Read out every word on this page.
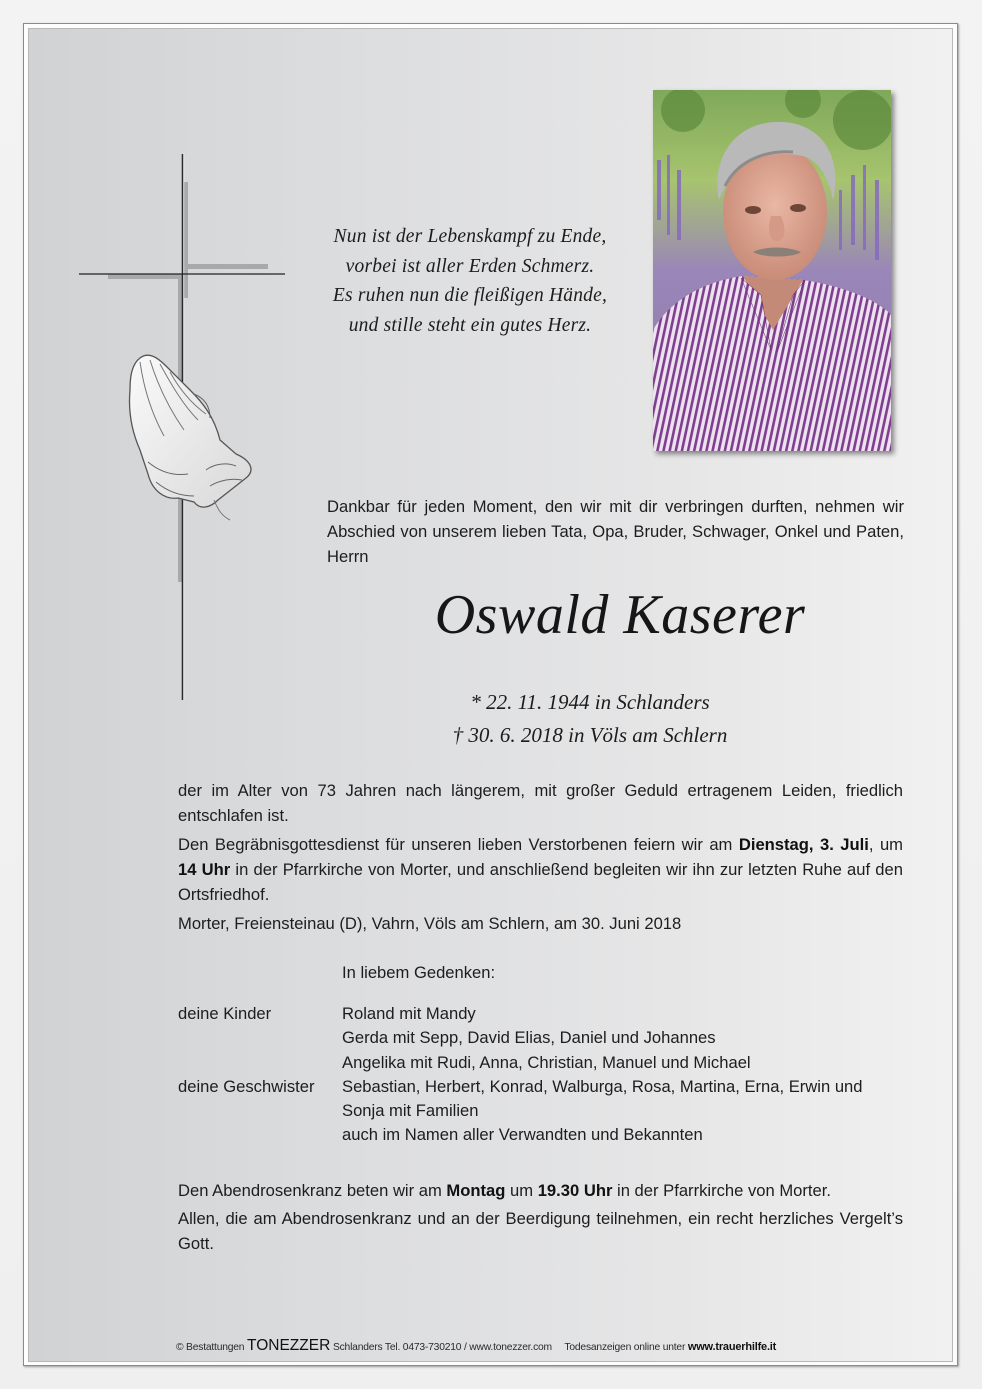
Nun ist der Lebenskampf zu Ende,
vorbei ist aller Erden Schmerz.
Es ruhen nun die fleißigen Hände,
und stille steht ein gutes Herz.
Dankbar für jeden Moment, den wir mit dir verbringen durften, nehmen wir Abschied von unserem lieben Tata, Opa, Bruder, Schwager, Onkel und Paten, Herrn
Oswald Kaserer
* 22. 11. 1944 in Schlanders
† 30. 6. 2018 in Völs am Schlern
der im Alter von 73 Jahren nach längerem, mit großer Geduld ertragenem Leiden, friedlich entschlafen ist.
Den Begräbnisgottesdienst für unseren lieben Verstorbenen feiern wir am Dienstag, 3. Juli, um 14 Uhr in der Pfarrkirche von Morter, und anschließend begleiten wir ihn zur letzten Ruhe auf den Ortsfriedhof.
Morter, Freiensteinau (D), Vahrn, Völs am Schlern, am 30. Juni 2018
In liebem Gedenken:
deine Kinder	Roland mit Mandy
Gerda mit Sepp, David Elias, Daniel und Johannes
Angelika mit Rudi, Anna, Christian, Manuel und Michael
deine Geschwister	Sebastian, Herbert, Konrad, Walburga, Rosa, Martina, Erna, Erwin und
Sonja mit Familien
auch im Namen aller Verwandten und Bekannten
Den Abendrosenkranz beten wir am Montag um 19.30 Uhr in der Pfarrkirche von Morter.
Allen, die am Abendrosenkranz und an der Beerdigung teilnehmen, ein recht herzliches Vergelt’s Gott.
© Bestattungen TONEZZER Schlanders Tel. 0473-730210 / www.tonezzer.com Todesanzeigen online unter www.trauerhilfe.it
